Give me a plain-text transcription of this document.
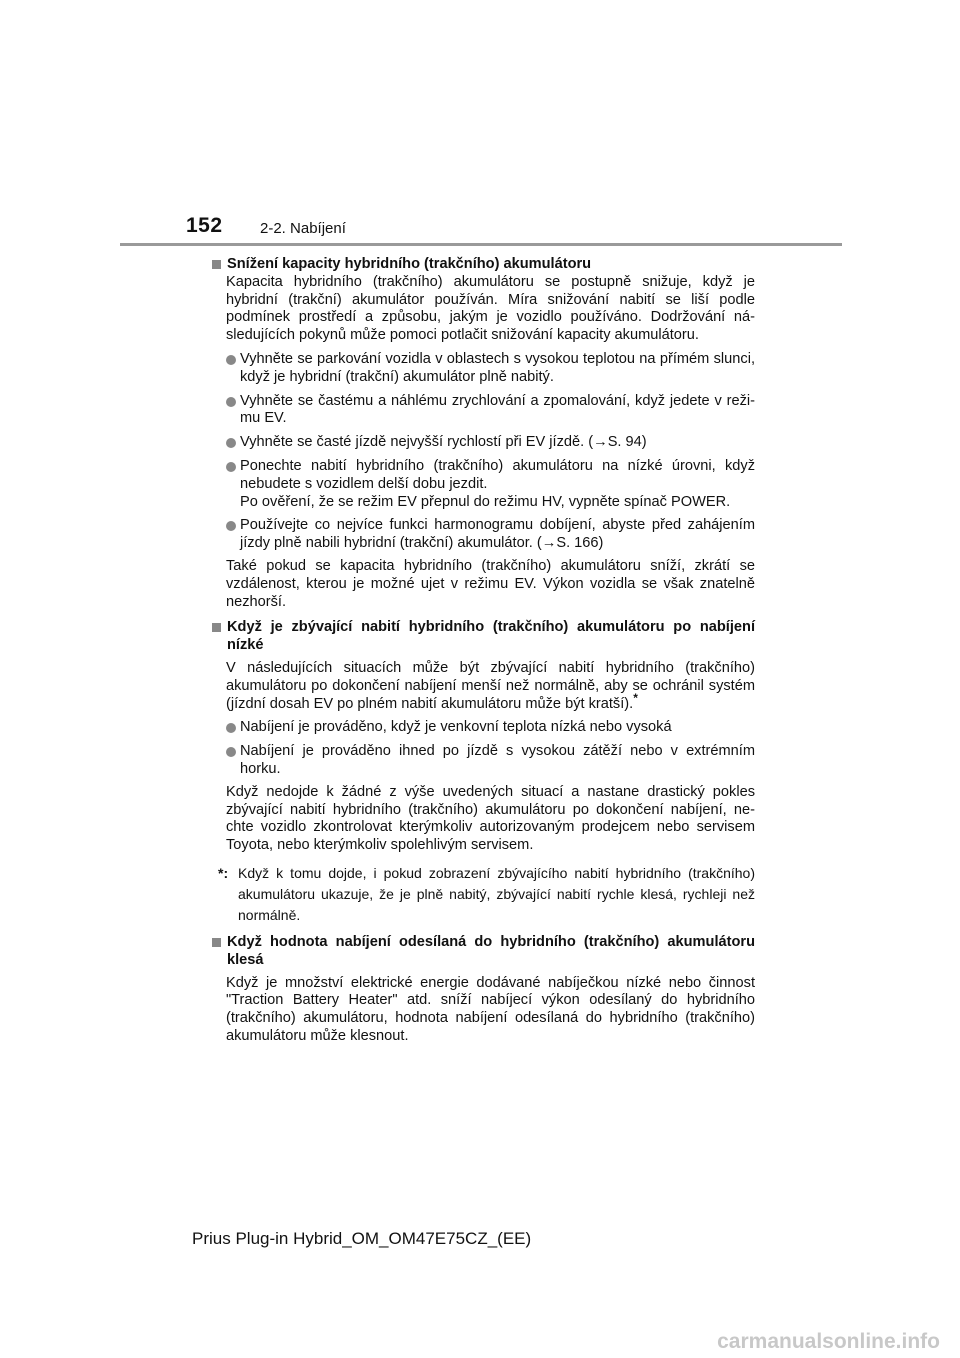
152 2-2. Nabíjení
Snížení kapacity hybridního (trakčního) akumulátoru
Kapacita hybridního (trakčního) akumulátoru se postupně snižuje, když je hybridní (trakční) akumulátor používán. Míra snižování nabití se liší podle podmínek prostředí a způsobu, jakým je vozidlo používáno. Dodržování ná-sledujících pokynů může pomoci potlačit snižování kapacity akumulátoru.
Vyhněte se parkování vozidla v oblastech s vysokou teplotou na přímém slunci, když je hybridní (trakční) akumulátor plně nabitý.
Vyhněte se častému a náhlému zrychlování a zpomalování, když jedete v reži-mu EV.
Vyhněte se časté jízdě nejvyšší rychlostí při EV jízdě. (→S. 94)
Ponechte nabití hybridního (trakčního) akumulátoru na nízké úrovni, když nebudete s vozidlem delší dobu jezdit.
Po ověření, že se režim EV přepnul do režimu HV, vypněte spínač POWER.
Používejte co nejvíce funkci harmonogramu dobíjení, abyste před zahájením jízdy plně nabili hybridní (trakční) akumulátor. (→S. 166)
Také pokud se kapacita hybridního (trakčního) akumulátoru sníží, zkrátí se vzdálenost, kterou je možné ujet v režimu EV. Výkon vozidla se však znatelně nezhorší.
Když je zbývající nabití hybridního (trakčního) akumulátoru po nabíjení nízké
V následujících situacích může být zbývající nabití hybridního (trakčního) akumulátoru po dokončení nabíjení menší než normálně, aby se ochránil systém (jízdní dosah EV po plném nabití akumulátoru může být kratší).*
Nabíjení je prováděno, když je venkovní teplota nízká nebo vysoká
Nabíjení je prováděno ihned po jízdě s vysokou zátěží nebo v extrémním horku.
Když nedojde k žádné z výše uvedených situací a nastane drastický pokles zbývající nabití hybridního (trakčního) akumulátoru po dokončení nabíjení, ne-chte vozidlo zkontrolovat kterýmkoliv autorizovaným prodejcem nebo servisem Toyota, nebo kterýmkoliv spolehlivým servisem.
*: Když k tomu dojde, i pokud zobrazení zbývajícího nabití hybridního (trakčního) akumulátoru ukazuje, že je plně nabitý, zbývající nabití rychle klesá, rychleji než normálně.
Když hodnota nabíjení odesílaná do hybridního (trakčního) akumulátoru klesá
Když je množství elektrické energie dodávané nabíječkou nízké nebo činnost "Traction Battery Heater" atd. sníží nabíjecí výkon odesílaný do hybridního (trakčního) akumulátoru, hodnota nabíjení odesílaná do hybridního (trakčního) akumulátoru může klesnout.
Prius Plug-in Hybrid_OM_OM47E75CZ_(EE)
carmanualsonline.info
